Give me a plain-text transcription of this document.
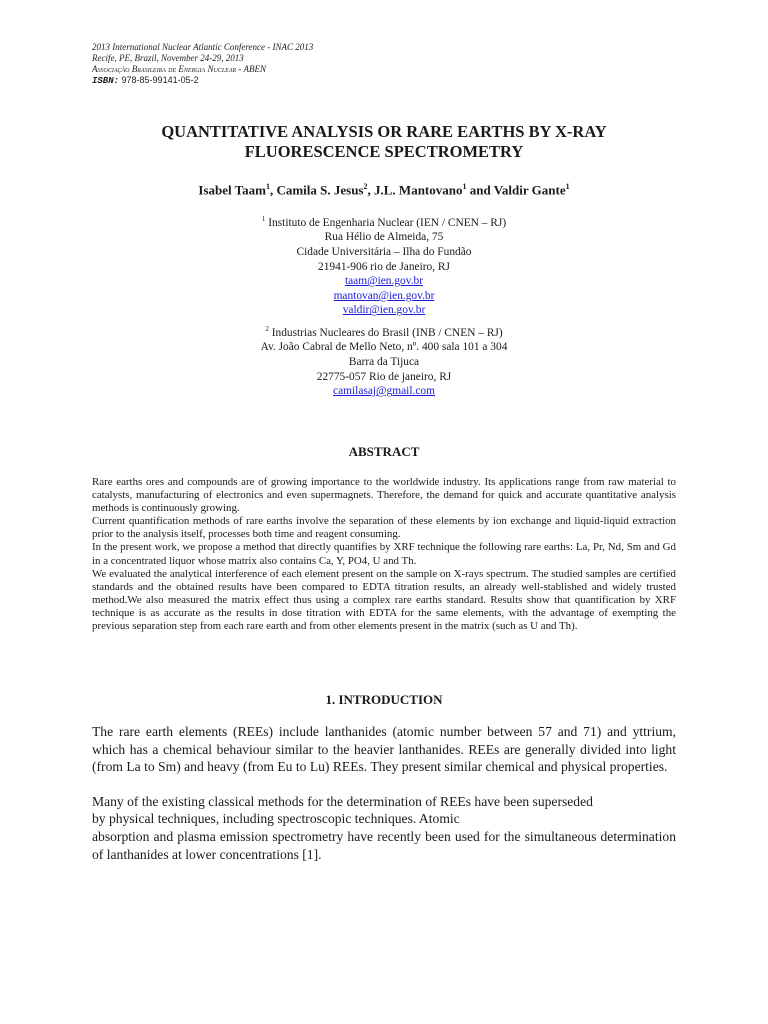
2013 International Nuclear Atlantic Conference - INAC 2013
Recife, PE, Brazil, November 24-29, 2013
Associação Brasileira de Energia Nuclear - ABEN
ISBN: 978-85-99141-05-2
QUANTITATIVE ANALYSIS OR RARE EARTHS BY X-RAY
FLUORESCENCE SPECTROMETRY
Isabel Taam$^1$, Camila S. Jesus$^2$, J.L. Mantovano$^1$ and Valdir Gante$^1$
$^1$ Instituto de Engenharia Nuclear (IEN / CNEN – RJ)
Rua Hélio de Almeida, 75
Cidade Universitária – Ilha do Fundão
21941-906 rio de Janeiro, RJ
taam@ien.gov.br
mantovan@ien.gov.br
valdir@ien.gov.br
$^2$ Industrias Nucleares do Brasil (INB / CNEN – RJ)
Av. João Cabral de Mello Neto, nº. 400 sala 101 a 304
Barra da Tijuca
22775-057 Rio de janeiro, RJ
camilasaj@gmail.com
ABSTRACT

Rare earths ores and compounds are of growing importance to the worldwide industry. Its applications range from raw material to catalysts, manufacturing of electronics and even supermagnets. Therefore, the demand for quick and accurate quantitative analysis methods is continuously growing.

Current quantification methods of rare earths involve the separation of these elements by ion exchange and liquid-liquid extraction prior to the analysis itself, processes both time and reagent consuming.

In the present work, we propose a method that directly quantifies by XRF technique the following rare earths: La, Pr, Nd, Sm and Gd in a concentrated liquor whose matrix also contains Ca, Y, PO4, U and Th.

We evaluated the analytical interference of each element present on the sample on X-rays spectrum. The studied samples are certified standards and the obtained results have been compared to EDTA titration results, an already well-stablished and widely trusted method.We also measured the matrix effect thus using a complex rare earths standard. Results show that quantification by XRF technique is as accurate as the results in dose titration with EDTA for the same elements, with the advantage of exempting the previous separation step from each rare earth and from other elements present in the matrix (such as U and Th).

1. INTRODUCTION

The rare earth elements (REEs) include lanthanides (atomic number between 57 and 71) and yttrium, which has a chemical behaviour similar to the heavier lanthanides. REEs are generally divided into light (from La to Sm) and heavy (from Eu to Lu) REEs. They present similar chemical and physical properties.

Many of the existing classical methods for the determination of REEs have been superseded
by physical techniques, including spectroscopic techniques. Atomic
absorption and plasma emission spectrometry have recently been used for the simultaneous determination of lanthanides at lower concentrations [1].
